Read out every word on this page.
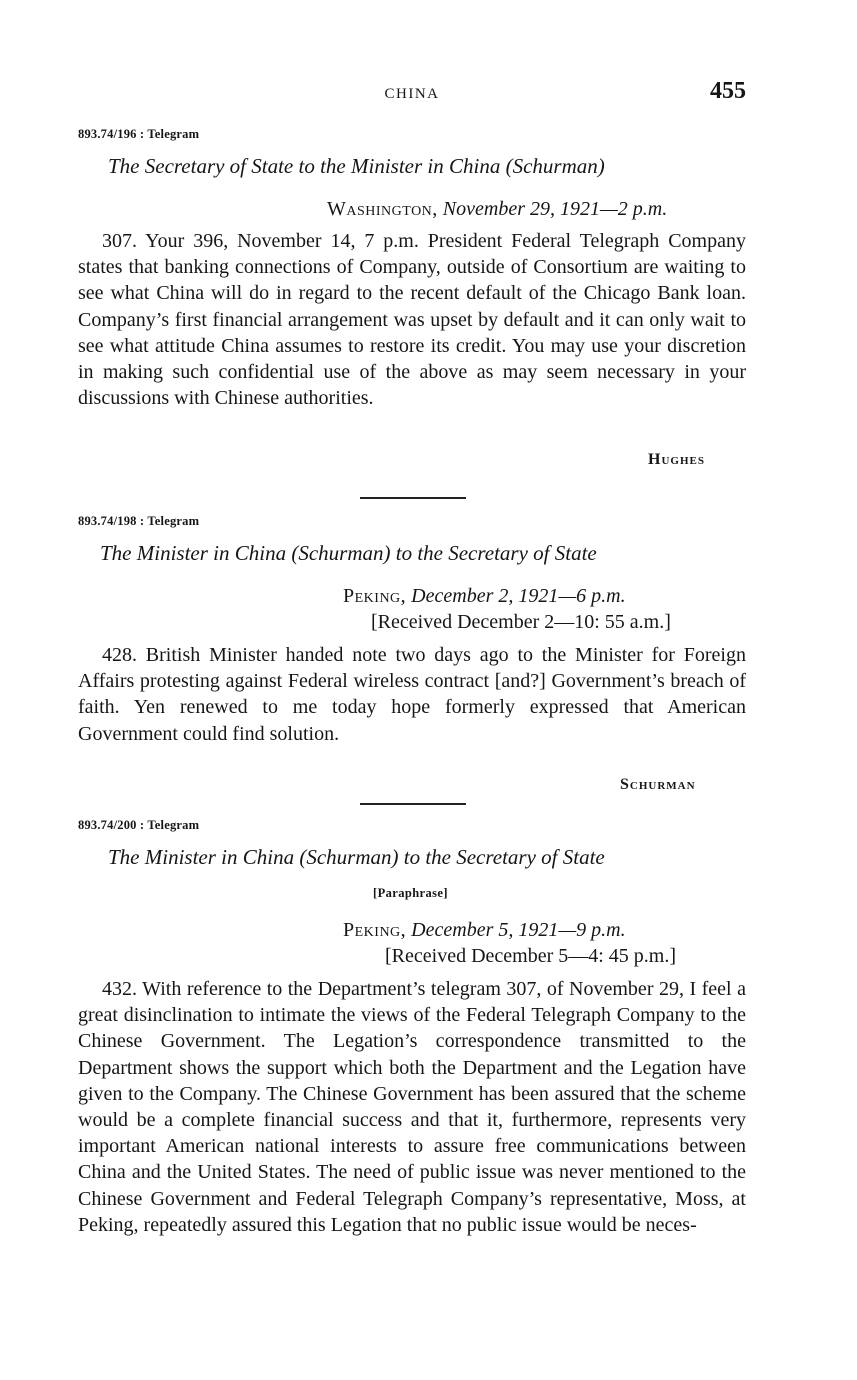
CHINA	455
893.74/196 : Telegram
The Secretary of State to the Minister in China (Schurman)
Washington, November 29, 1921—2 p.m.

307. Your 396, November 14, 7 p.m. President Federal Telegraph Company states that banking connections of Company, outside of Consortium are waiting to see what China will do in regard to the recent default of the Chicago Bank loan. Company’s first financial arrangement was upset by default and it can only wait to see what attitude China assumes to restore its credit. You may use your discretion in making such confidential use of the above as may seem necessary in your discussions with Chinese authorities.

Hughes
893.74/198 : Telegram
The Minister in China (Schurman) to the Secretary of State
Peking, December 2, 1921—6 p.m.
[Received December 2—10: 55 a.m.]

428. British Minister handed note two days ago to the Minister for Foreign Affairs protesting against Federal wireless contract [and?] Government’s breach of faith. Yen renewed to me today hope formerly expressed that American Government could find solution.

Schurman
893.74/200 : Telegram
The Minister in China (Schurman) to the Secretary of State
[Paraphrase]
Peking, December 5, 1921—9 p.m.
[Received December 5—4: 45 p.m.]

432. With reference to the Department’s telegram 307, of November 29, I feel a great disinclination to intimate the views of the Federal Telegraph Company to the Chinese Government. The Legation’s correspondence transmitted to the Department shows the support which both the Department and the Legation have given to the Company. The Chinese Government has been assured that the scheme would be a complete financial success and that it, furthermore, represents very important American national interests to assure free communications between China and the United States. The need of public issue was never mentioned to the Chinese Government and Federal Telegraph Company’s representative, Moss, at Peking, repeatedly assured this Legation that no public issue would be neces-
